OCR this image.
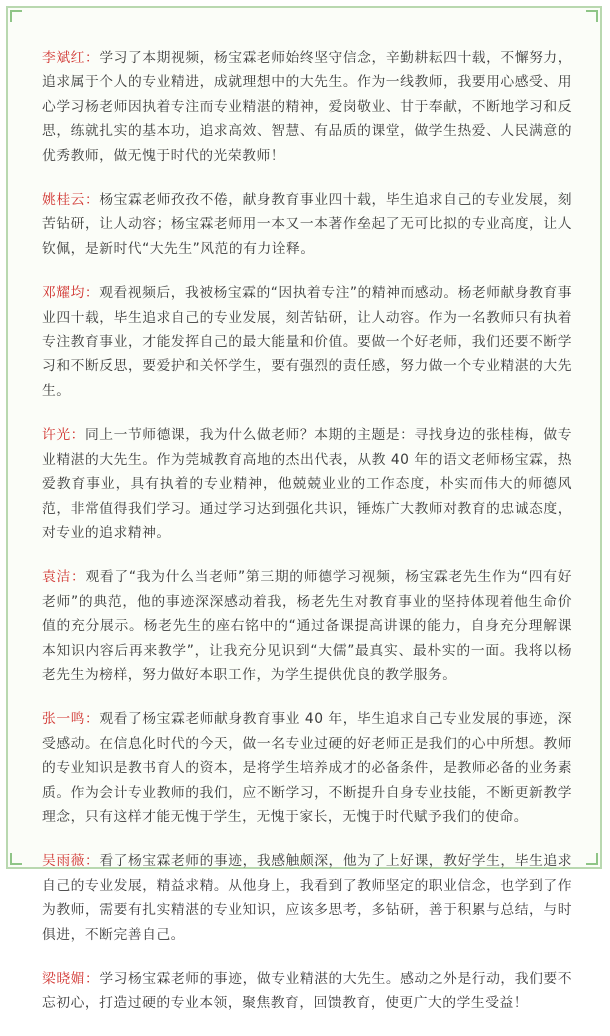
李斌红：学习了本期视频，杨宝霖老师始终坚守信念，辛勤耕耘四十载，不懈努力，追求属于个人的专业精进，成就理想中的大先生。作为一线教师，我要用心感受、用心学习杨老师因执着专注而专业精湛的精神，爱岗敬业、甘于奉献，不断地学习和反思，练就扎实的基本功，追求高效、智慧、有品质的课堂，做学生热爱、人民满意的优秀教师，做无愧于时代的光荣教师！

姚桂云：杨宝霖老师孜孜不倦，献身教育事业四十载，毕生追求自己的专业发展，刻苦钻研，让人动容；杨宝霖老师用一本又一本著作垒起了无可比拟的专业高度，让人钦佩，是新时代“大先生”风范的有力诠释。

邓耀均：观看视频后，我被杨宝霖的“因执着专注”的精神而感动。杨老师献身教育事业四十载，毕生追求自己的专业发展，刻苦钻研，让人动容。作为一名教师只有执着专注教育事业，才能发挥自己的最大能量和价值。要做一个好老师，我们还要不断学习和不断反思，要爱护和关怀学生，要有强烈的责任感，努力做一个专业精湛的大先生。

许光：同上一节师德课，我为什么做老师？本期的主题是：寻找身边的张桂梅，做专业精湛的大先生。作为莞城教育高地的杰出代表，从教 40 年的语文老师杨宝霖，热爱教育事业，具有执着的专业精神，他兢兢业业的工作态度，朴实而伟大的师德风范，非常值得我们学习。通过学习达到强化共识，锤炼广大教师对教育的忠诚态度，对专业的追求精神。

袁洁：观看了“我为什么当老师”第三期的师德学习视频，杨宝霖老先生作为“四有好老师”的典范，他的事迹深深感动着我，杨老先生对教育事业的坚持体现着他生命价值的充分展示。杨老先生的座右铭中的“通过备课提高讲课的能力，自身充分理解课本知识内容后再来教学”，让我充分见识到“大儒”最真实、最朴实的一面。我将以杨老先生为榜样，努力做好本职工作，为学生提供优良的教学服务。

张一鸣：观看了杨宝霖老师献身教育事业 40 年，毕生追求自己专业发展的事迹，深受感动。在信息化时代的今天，做一名专业过硬的好老师正是我们的心中所想。教师的专业知识是教书育人的资本，是将学生培养成才的必备条件，是教师必备的业务素质。作为会计专业教师的我们，应不断学习，不断提升自身专业技能，不断更新教学理念，只有这样才能无愧于学生，无愧于家长，无愧于时代赋予我们的使命。

吴雨薇：看了杨宝霖老师的事迹，我感触颇深，他为了上好课，教好学生，毕生追求自己的专业发展，精益求精。从他身上，我看到了教师坚定的职业信念，也学到了作为教师，需要有扎实精湛的专业知识，应该多思考，多钻研，善于积累与总结，与时俱进，不断完善自己。

梁晓媚：学习杨宝霖老师的事迹，做专业精湛的大先生。感动之外是行动，我们要不忘初心，打造过硬的专业本领，聚焦教育，回馈教育，使更广大的学生受益！
